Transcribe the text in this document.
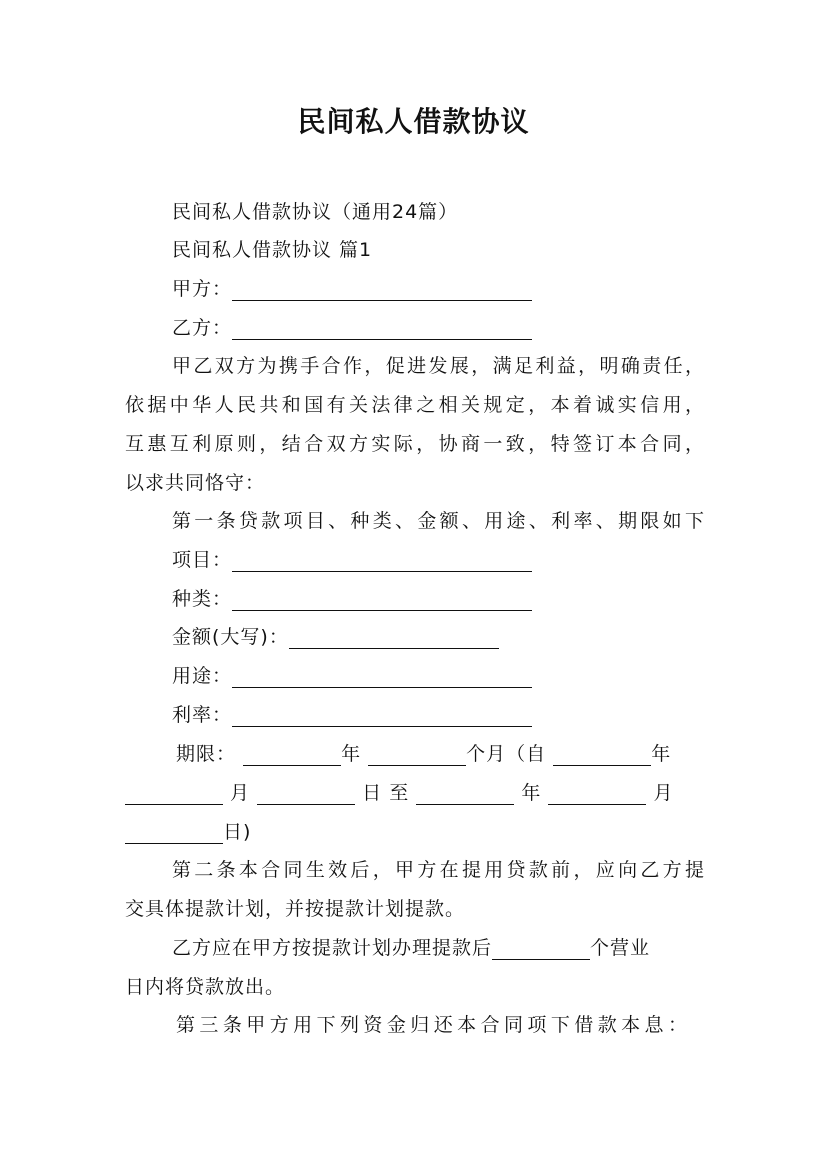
民间私人借款协议
民间私人借款协议（通用24篇）
民间私人借款协议 篇1
甲方：
乙方：
甲乙双方为携手合作，促进发展，满足利益，明确责任，
依据中华人民共和国有关法律之相关规定，本着诚实信用，
互惠互利原则，结合双方实际，协商一致，特签订本合同，
以求共同恪守：
第一条贷款项目、种类、金额、用途、利率、期限如下
项目：
种类：
金额(大写)：
用途：
利率：
期限：	年	个月（自	年
月	日 至	年	月
日)
第二条本合同生效后，甲方在提用贷款前，应向乙方提
交具体提款计划，并按提款计划提款。
乙方应在甲方按提款计划办理提款后	个营业
日内将贷款放出。
第三条甲方用下列资金归还本合同项下借款本息：
